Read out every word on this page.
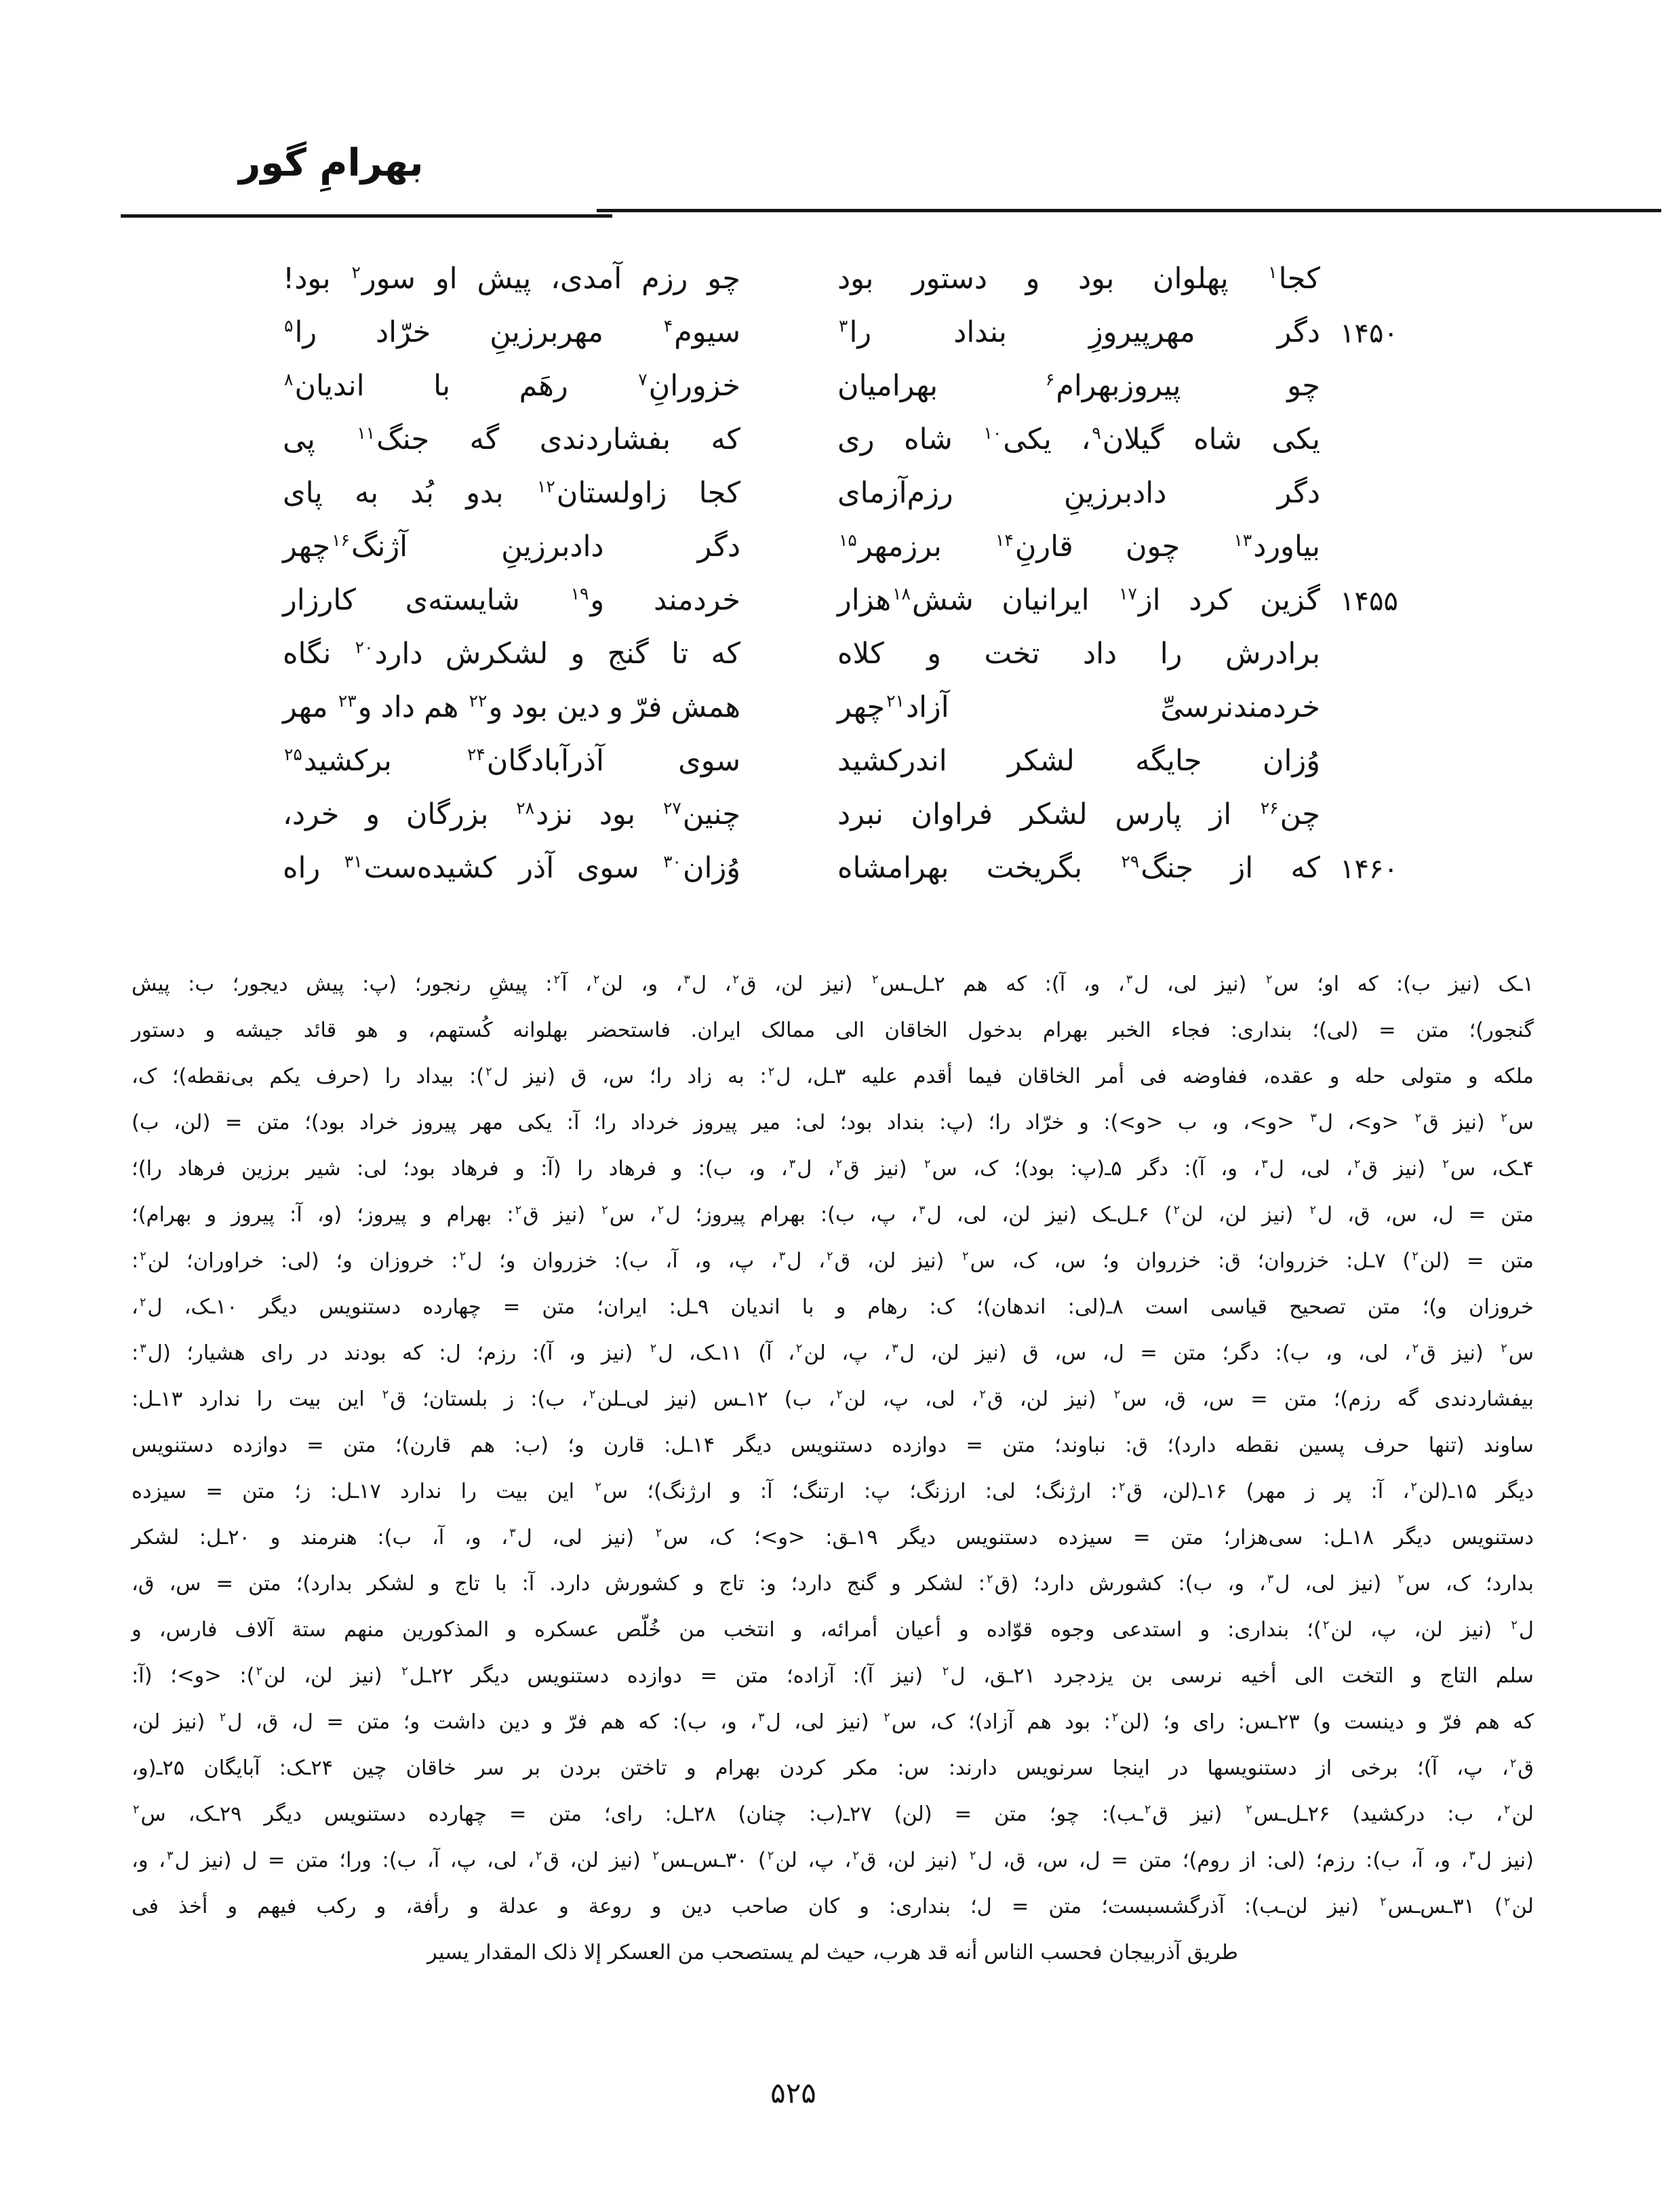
بهرامِ گور
کجا$^۱$
پهلوان
بود
و
دستور
بود
چو
رزم
آمدی،
پیش
او
سور$^۲$
بود!
۱۴۵۰
دگر
مهرپیروزِ
بنداد
را$^۳$
سیوم$^۴$
مهربرزینِ
خرّاد
را$^۵$
چو
پیروزبهرام$^۶$
بهرامیان
خزورانِ$^۷$
رهَم
با
اندیان$^۸$
یکی
شاه
گیلان$^۹$،
یکی$^{۱۰}$
شاه
ری
که
بفشاردندی
گه
جنگ$^{۱۱}$
پی
دگر
دادبرزینِ
رزم‌آزمای
کجا
زاولستان$^{۱۲}$
بدو
بُد
به
پای
بیاورد$^{۱۳}$
چون
قارنِ$^{۱۴}$
برزمهر$^{۱۵}$
دگر
دادبرزینِ
آژنگ$^{۱۶}$چهر
۱۴۵۵
گزین
کرد
از$^{۱۷}$
ایرانیان
شش$^{۱۸}$هزار
خردمند
و$^{۱۹}$
شایسته‌ی
کارزار
برادرش
را
داد
تخت
و
کلاه
که
تا
گنج
و
لشکرش
دارد$^{۲۰}$
نگاه
خردمندنرسیِّ
آزاد$^{۲۱}$چهر
همش
فرّ
و
دین
بود
و$^{۲۲}$
هم
داد
و$^{۲۳}$
مهر
وُزان
جایگه
لشکر
اندرکشید
سوی
آذرآبادگان$^{۲۴}$
برکشید$^{۲۵}$
چن$^{۲۶}$
از
پارس
لشکر
فراوان
نبرد
چنین$^{۲۷}$
بود
نزد$^{۲۸}$
بزرگان
و
خرد،
۱۴۶۰
که
از
جنگ$^{۲۹}$
بگریخت
بهرامشاه
وُزان$^{۳۰}$
سوی
آذر
کشیده‌ست$^{۳۱}$
راه
۱ـک (نیز ب): که او؛ س$^۲$ (نیز لی، ل$^۳$، و، آ): که هم ۲ـل‌ـس$^۲$ (نیز لن، ق$^۲$، ل$^۳$، و، لن$^۲$، آ$^۲$: پیشِ رنجور؛ (پ: پیش دیجور؛ ب: پیش
گنجور)؛ متن = (لی)؛ بنداری: فجاء الخبر بهرام بدخول الخاقان الی ممالک ایران. فاستحضر بهلوانه کُستهم، و هو قائد جیشه و دستور
ملکه و متولی حله و عقده، ففاوضه فی أمر الخاقان فیما أقدم علیه ۳ـل، ل$^۲$: به زاد را؛ س، ق (نیز ل$^۲$): بیداد را (حرف یکم بی‌نقطه)؛ ک،
س$^۲$ (نیز ق$^۲$ <و>، ل$^۳$ <و>، و، ب <و>): و خرّاد را؛ (پ: بنداد بود؛ لی: میر پیروز خرداد را؛ آ: یکی مهر پیروز خراد بود)؛ متن = (لن، ب)
۴ـک، س$^۲$ (نیز ق$^۲$، لی، ل$^۳$، و، آ): دگر ۵ـ(پ: بود)؛ ک، س$^۲$ (نیز ق$^۲$، ل$^۳$، و، ب): و فرهاد را (آ: و فرهاد بود؛ لی: شیر برزین فرهاد را)؛
متن = ل، س، ق، ل$^۲$ (نیز لن، لن$^۲$) ۶ـل‌ـک (نیز لن، لی، ل$^۳$، پ، ب): بهرام پیروز؛ ل$^۲$، س$^۲$ (نیز ق$^۲$: بهرام و پیروز؛ (و، آ: پیروز و بهرام)؛
متن = (لن$^۲$) ۷ـل: خزروان؛ ق: خزروان و؛ س، ک، س$^۲$ (نیز لن، ق$^۲$، ل$^۳$، پ، و، آ، ب): خزروان و؛ ل$^۲$: خروزان و؛ (لی: خراوران؛ لن$^۲$:
خروزان و)؛ متن تصحیح قیاسی است ۸ـ(لی: اندهان)؛ ک: رهام و با اندیان ۹ـل: ایران؛ متن = چهارده دستنویس دیگر ۱۰ـک، ل$^۲$،
س$^۲$ (نیز ق$^۲$، لی، و، ب): دگر؛ متن = ل، س، ق (نیز لن، ل$^۳$، پ، لن$^۲$، آ) ۱۱ـک، ل$^۲$ (نیز و، آ): رزم؛ ل: که بودند در رای هشیار؛ (ل$^۳$:
بیفشاردندی گه رزم)؛ متن = س، ق، س$^۲$ (نیز لن، ق$^۲$، لی، پ، لن$^۲$، ب) ۱۲ـس (نیز لی‌ـلن$^۲$، ب): ز بلستان؛ ق$^۲$ این بیت را ندارد ۱۳ـل:
ساوند (تنها حرف پسین نقطه دارد)؛ ق: نباوند؛ متن = دوازده دستنویس دیگر ۱۴ـل: قارن و؛ (ب: هم قارن)؛ متن = دوازده دستنویس
دیگر ۱۵ـ(لن$^۲$، آ: پر ز مهر) ۱۶ـ(لن، ق$^۲$: ارژنگ؛ لی: ارزنگ؛ پ: ارتنگ؛ آ: و ارژنگ)؛ س$^۲$ این بیت را ندارد ۱۷ـل: ز؛ متن = سیزده
دستنویس دیگر ۱۸ـل: سی‌هزار؛ متن = سیزده دستنویس دیگر ۱۹ـق: <و>؛ ک، س$^۲$ (نیز لی، ل$^۳$، و، آ، ب): هنرمند و ۲۰ـل: لشکر
بدارد؛ ک، س$^۲$ (نیز لی، ل$^۳$، و، ب): کشورش دارد؛ (ق$^۲$: لشکر و گنج دارد؛ و: تاج و کشورش دارد. آ: با تاج و لشکر بدارد)؛ متن = س، ق،
ل$^۲$ (نیز لن، پ، لن$^۲$)؛ بنداری: و استدعی وجوه قوّاده و أعیان أمرائه، و انتخب من خُلّص عسکره و المذکورین منهم ستة آلاف فارس، و
سلم التاج و التخت الی أخیه نرسی بن یزدجرد ۲۱ـق، ل$^۲$ (نیز آ): آزاده؛ متن = دوازده دستنویس دیگر ۲۲ـل$^۲$ (نیز لن، لن$^۲$): <و>؛ (آ:
که هم فرّ و دینست و) ۲۳ـس: رای و؛ (لن$^۲$: بود هم آزاد)؛ ک، س$^۲$ (نیز لی، ل$^۳$، و، ب): که هم فرّ و دین داشت و؛ متن = ل، ق، ل$^۲$ (نیز لن،
ق$^۲$، پ، آ)؛ برخی از دستنویسها در اینجا سرنویس دارند: س: مکر کردن بهرام و تاختن بردن بر سر خاقان چین ۲۴ـک: آبایگان ۲۵ـ(و،
لن$^۲$، ب: درکشید) ۲۶ـل‌ـس$^۲$ (نیز ق$^۲$ـب): چو؛ متن = (لن) ۲۷ـ(ب: چنان) ۲۸ـل: رای؛ متن = چهارده دستنویس دیگر ۲۹ـک، س$^۲$
(نیز ل$^۳$، و، آ، ب): رزم؛ (لی: از روم)؛ متن = ل، س، ق، ل$^۲$ (نیز لن، ق$^۲$، پ، لن$^۲$) ۳۰ـس‌ـس$^۲$ (نیز لن، ق$^۲$، لی، پ، آ، ب): ورا؛ متن = ل (نیز ل$^۳$، و،
لن$^۲$) ۳۱ـس‌ـس$^۲$ (نیز لن‌ـب): آذرگشسبست؛ متن = ل؛ بنداری: و کان صاحب دین و روعة و عدلة و رأفة، و رکب فیهم و أخذ فی
طریق آذربیجان فحسب الناس أنه قد هرب، حیث لم یستصحب من العسکر إلا ذلک المقدار یسیر
۵۲۵
